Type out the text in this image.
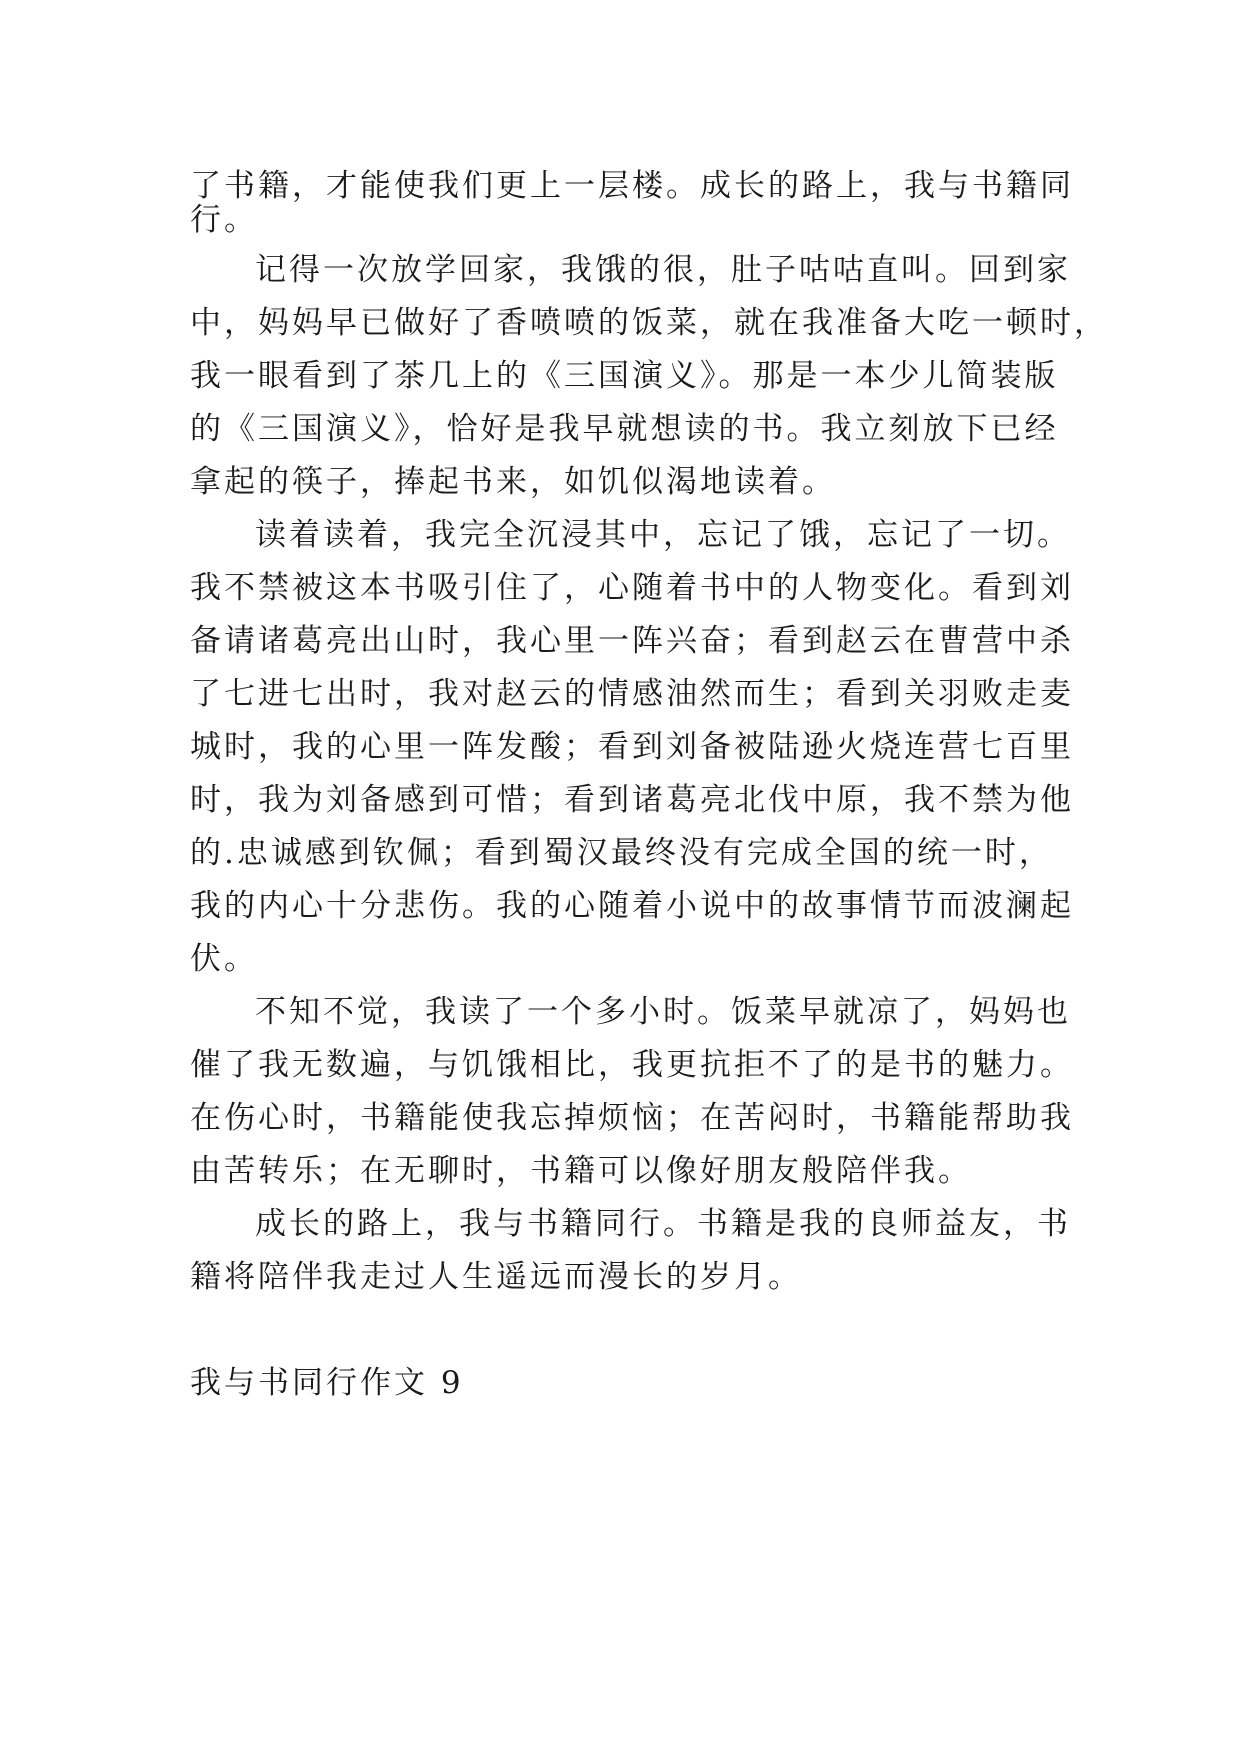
了书籍，才能使我们更上一层楼。成长的路上，我与书籍同
行。
记得一次放学回家，我饿的很，肚子咕咕直叫。回到家
中，妈妈早已做好了香喷喷的饭菜，就在我准备大吃一顿时，
我一眼看到了茶几上的《三国演义》。那是一本少儿简装版
的《三国演义》，恰好是我早就想读的书。我立刻放下已经
拿起的筷子，捧起书来，如饥似渴地读着。
读着读着，我完全沉浸其中，忘记了饿，忘记了一切。
我不禁被这本书吸引住了，心随着书中的人物变化。看到刘
备请诸葛亮出山时，我心里一阵兴奋；看到赵云在曹营中杀
了七进七出时，我对赵云的情感油然而生；看到关羽败走麦
城时，我的心里一阵发酸；看到刘备被陆逊火烧连营七百里
时，我为刘备感到可惜；看到诸葛亮北伐中原，我不禁为他
的.忠诚感到钦佩；看到蜀汉最终没有完成全国的统一时，
我的内心十分悲伤。我的心随着小说中的故事情节而波澜起
伏。
不知不觉，我读了一个多小时。饭菜早就凉了，妈妈也
催了我无数遍，与饥饿相比，我更抗拒不了的是书的魅力。
在伤心时，书籍能使我忘掉烦恼；在苦闷时，书籍能帮助我
由苦转乐；在无聊时，书籍可以像好朋友般陪伴我。
成长的路上，我与书籍同行。书籍是我的良师益友，书
籍将陪伴我走过人生遥远而漫长的岁月。
我与书同行作文 9
